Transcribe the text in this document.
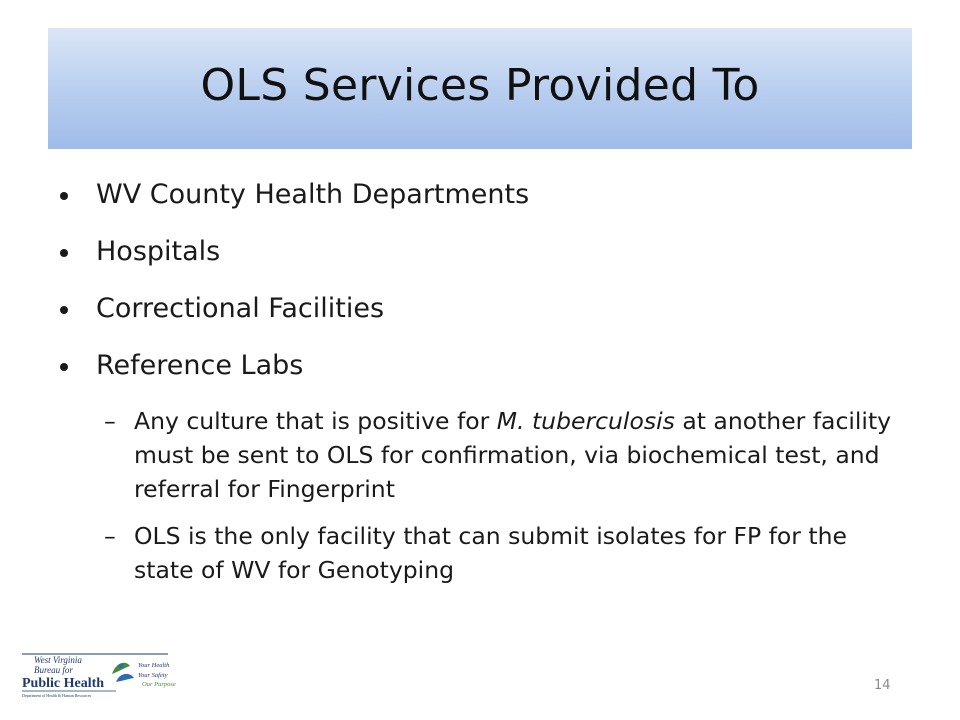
OLS Services Provided To
WV County Health Departments
Hospitals
Correctional Facilities
Reference Labs
– Any culture that is positive for M. tuberculosis at another facility must be sent to OLS for confirmation, via biochemical test, and referral for Fingerprint
– OLS is the only facility that can submit isolates for FP for the state of WV for Genotyping
West Virginia
Bureau for
Public Health
Department of Health & Human Resources
Your Health
Your Safety
Our Purpose	14
